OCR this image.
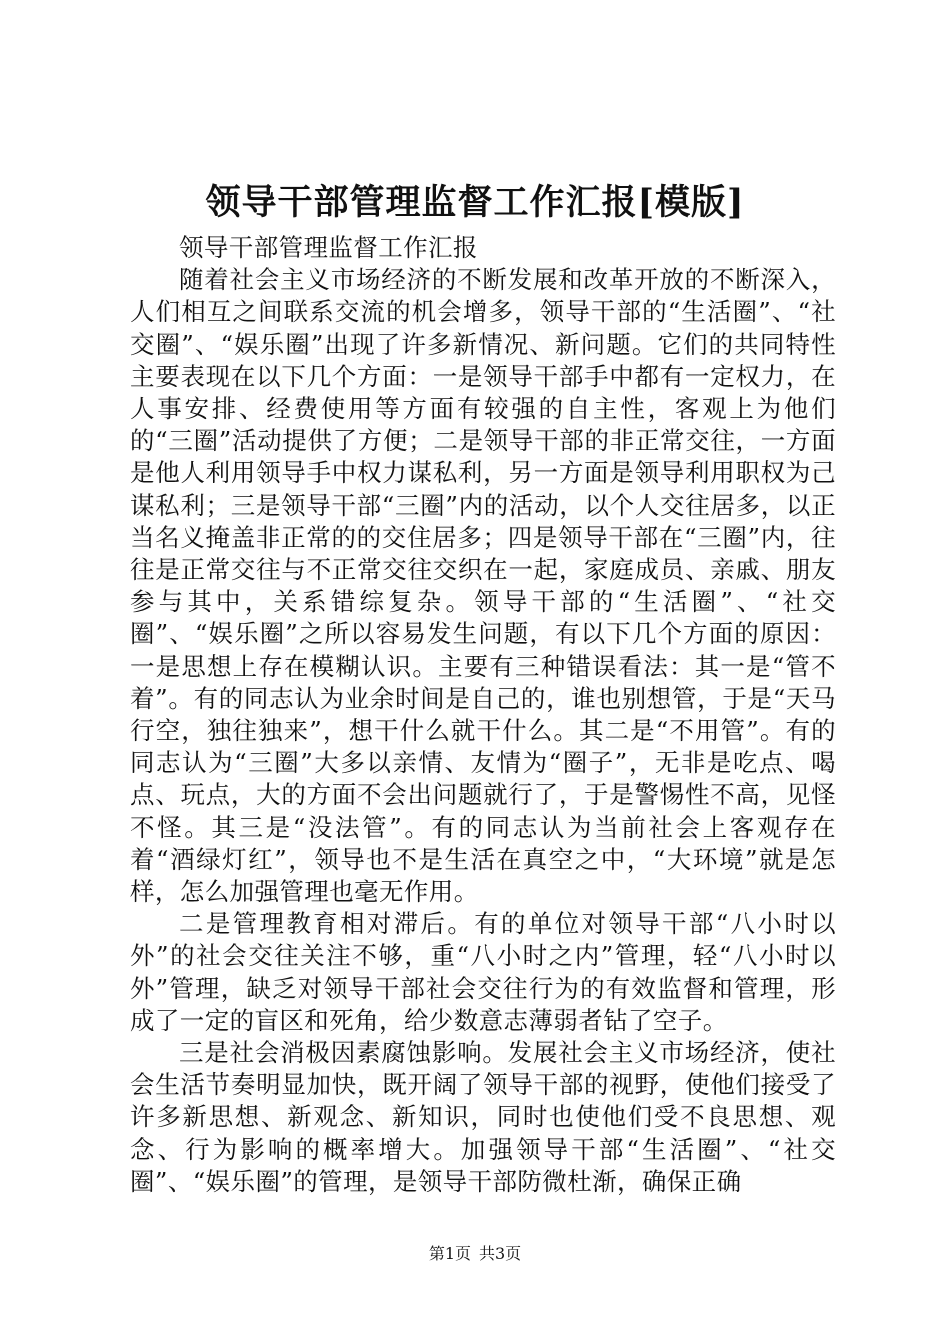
领导干部管理监督工作汇报[模版]

领导干部管理监督工作汇报

随着社会主义市场经济的不断发展和改革开放的不断深入，人们相互之间联系交流的机会增多，领导干部的“生活圈”、“社交圈”、“娱乐圈”出现了许多新情况、新问题。它们的共同特性主要表现在以下几个方面：一是领导干部手中都有一定权力，在人事安排、经费使用等方面有较强的自主性，客观上为他们的“三圈”活动提供了方便；二是领导干部的非正常交往，一方面是他人利用领导手中权力谋私利，另一方面是领导利用职权为己谋私利；三是领导干部“三圈”内的活动，以个人交往居多，以正当名义掩盖非正常的的交住居多；四是领导干部在“三圈”内，往往是正常交往与不正常交往交织在一起，家庭成员、亲戚、朋友参与其中，关系错综复杂。领导干部的“生活圈”、“社交圈”、“娱乐圈”之所以容易发生问题，有以下几个方面的原因：一是思想上存在模糊认识。主要有三种错误看法：其一是“管不着”。有的同志认为业余时间是自己的，谁也别想管，于是“天马行空，独往独来”，想干什么就干什么。其二是“不用管”。有的同志认为“三圈”大多以亲情、友情为“圈子”，无非是吃点、喝点、玩点，大的方面不会出问题就行了，于是警惕性不高，见怪不怪。其三是“没法管”。有的同志认为当前社会上客观存在着“酒绿灯红”，领导也不是生活在真空之中，“大环境”就是怎样，怎么加强管理也毫无作用。

二是管理教育相对滞后。有的单位对领导干部“八小时以外”的社会交往关注不够，重“八小时之内”管理，轻“八小时以外”管理，缺乏对领导干部社会交往行为的有效监督和管理，形成了一定的盲区和死角，给少数意志薄弱者钻了空子。

三是社会消极因素腐蚀影响。发展社会主义市场经济，使社会生活节奏明显加快，既开阔了领导干部的视野，使他们接受了许多新思想、新观念、新知识，同时也使他们受不良思想、观念、行为影响的概率增大。加强领导干部“生活圈”、“社交圈”、“娱乐圈”的管理，是领导干部防微杜渐，确保正确

第1页 共3页
